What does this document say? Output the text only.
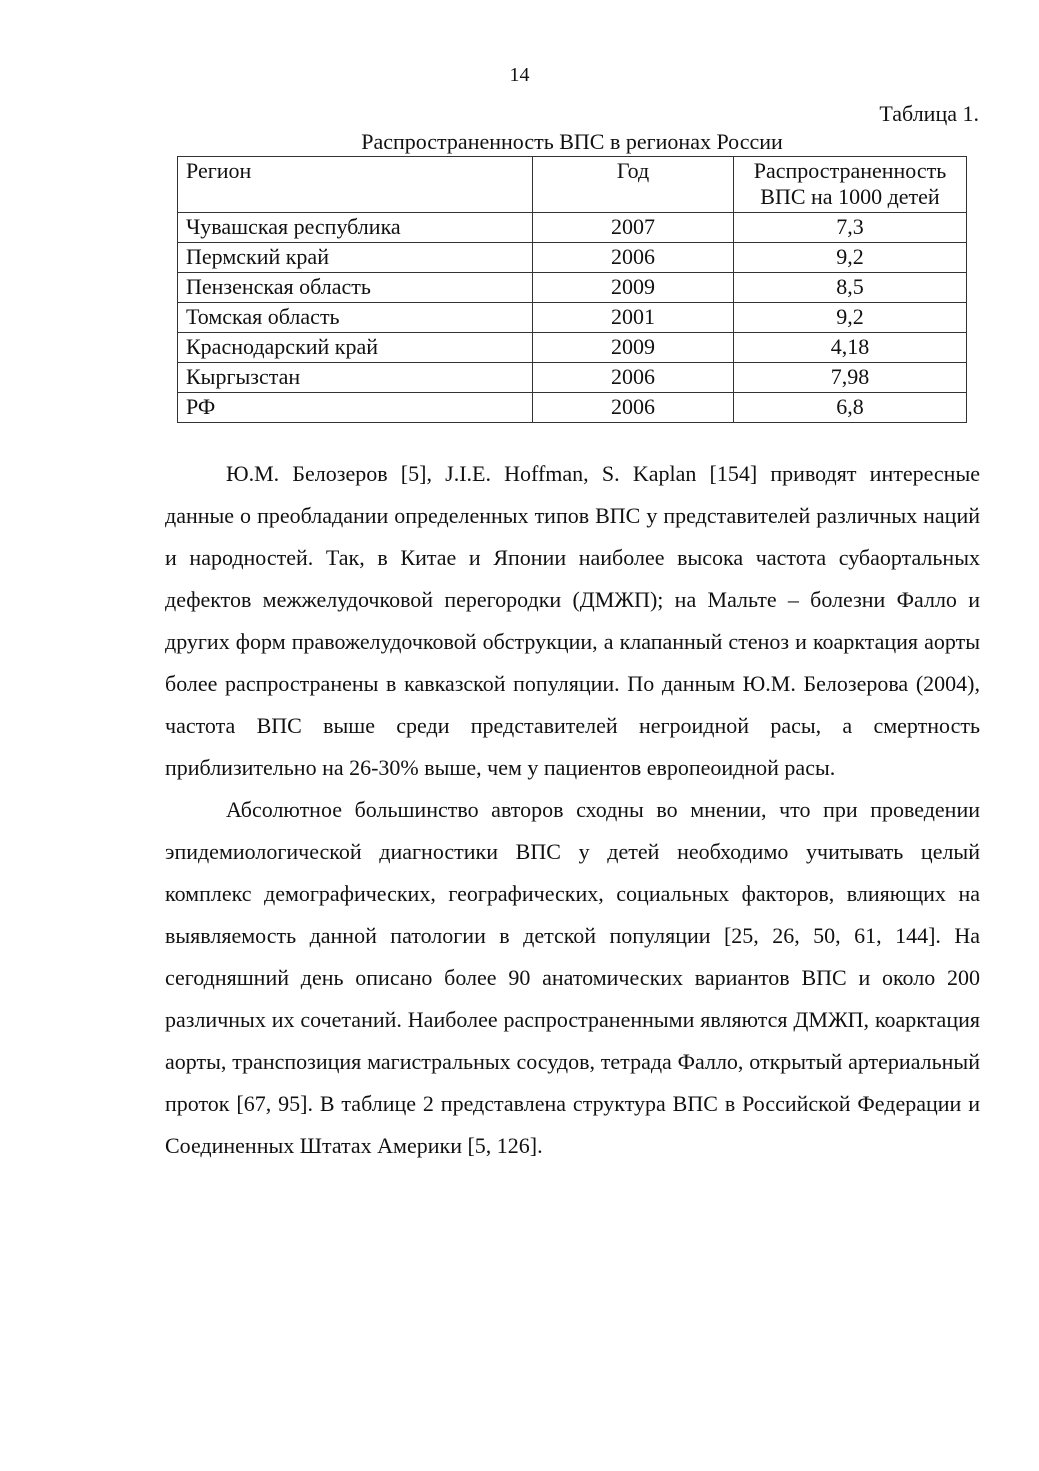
14
Таблица 1.
Распространенность ВПС в регионах России
Регион	Год	Распространенность
ВПС на 1000 детей
Чувашская республика	2007	7,3
Пермский край	2006	9,2
Пензенская область	2009	8,5
Томская область	2001	9,2
Краснодарский край	2009	4,18
Кыргызстан	2006	7,98
РФ	2006	6,8

Ю.М. Белозеров [5], J.I.E. Hoffman, S. Kaplan [154] приводят интересные данные о преобладании определенных типов ВПС у представителей различных наций и народностей. Так, в Китае и Японии наиболее высока частота субаортальных дефектов межжелудочковой перегородки (ДМЖП); на Мальте – болезни Фалло и других форм правожелудочковой обструкции, а клапанный стеноз и коарктация аорты более распространены в кавказской популяции. По данным Ю.М. Белозерова (2004), частота ВПС выше среди представителей негроидной расы, а смертность приблизительно на 26-30% выше, чем у пациентов европеоидной расы.

Абсолютное большинство авторов сходны во мнении, что при проведении эпидемиологической диагностики ВПС у детей необходимо учитывать целый комплекс демографических, географических, социальных факторов, влияющих на выявляемость данной патологии в детской популяции [25, 26, 50, 61, 144]. На сегодняшний день описано более 90 анатомических вариантов ВПС и около 200 различных их сочетаний. Наиболее распространенными являются ДМЖП, коарктация аорты, транспозиция магистральных сосудов, тетрада Фалло, открытый артериальный проток [67, 95]. В таблице 2 представлена структура ВПС в Российской Федерации и Соединенных Штатах Америки [5, 126].
